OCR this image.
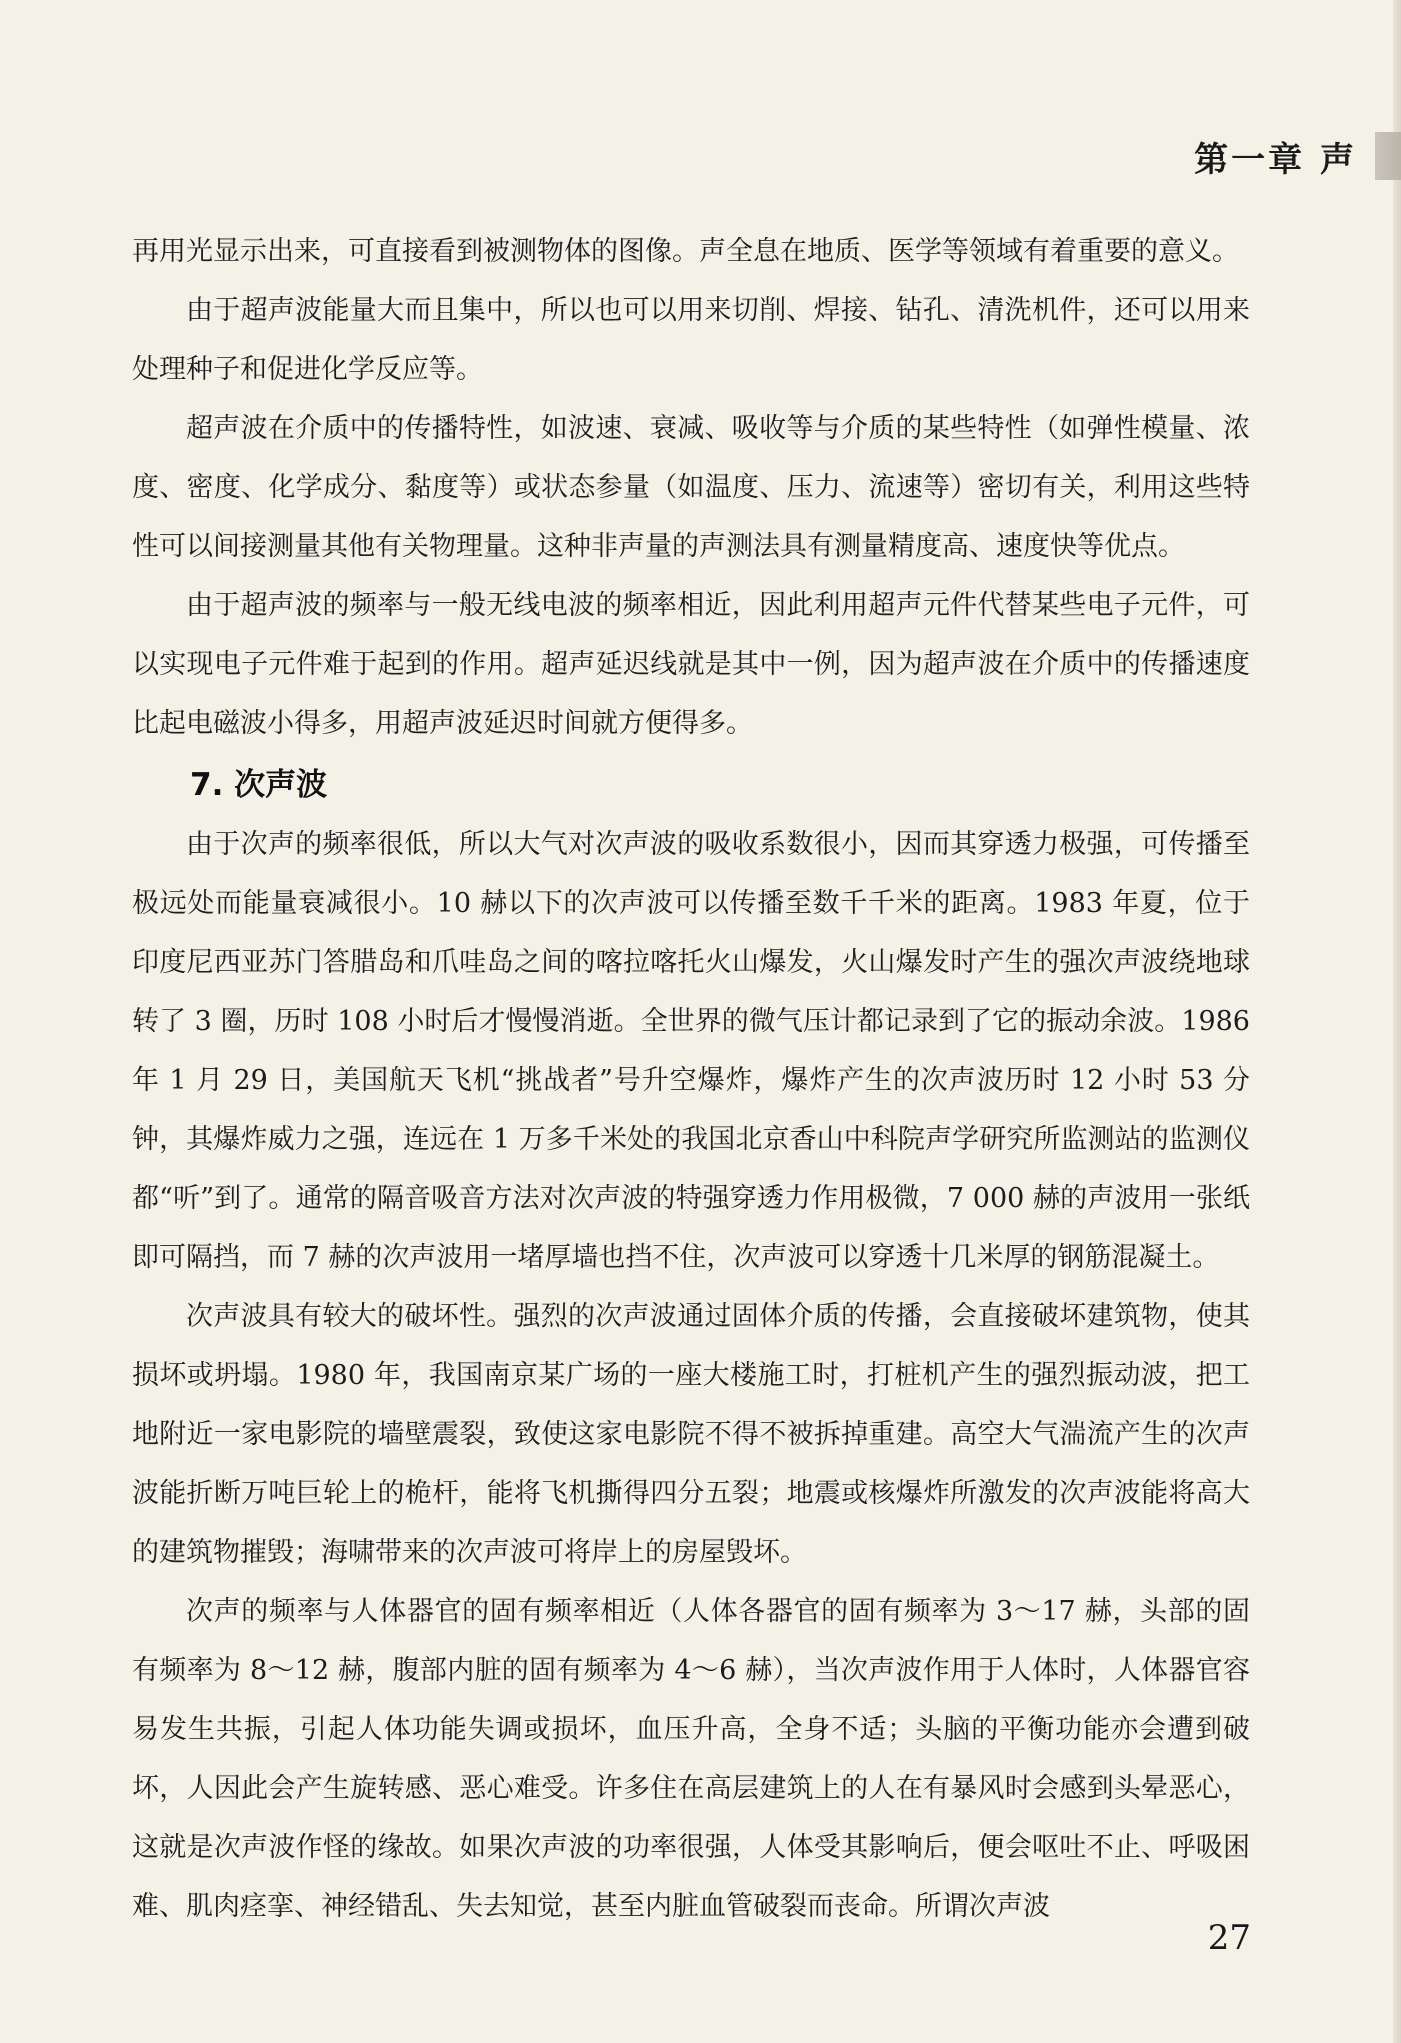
第一章 声

再用光显示出来，可直接看到被测物体的图像。声全息在地质、医学等领域有着重要的意义。

由于超声波能量大而且集中，所以也可以用来切削、焊接、钻孔、清洗机件，还可以用来处理种子和促进化学反应等。

超声波在介质中的传播特性，如波速、衰减、吸收等与介质的某些特性（如弹性模量、浓度、密度、化学成分、黏度等）或状态参量（如温度、压力、流速等）密切有关，利用这些特性可以间接测量其他有关物理量。这种非声量的声测法具有测量精度高、速度快等优点。

由于超声波的频率与一般无线电波的频率相近，因此利用超声元件代替某些电子元件，可以实现电子元件难于起到的作用。超声延迟线就是其中一例，因为超声波在介质中的传播速度比起电磁波小得多，用超声波延迟时间就方便得多。

7. 次声波

由于次声的频率很低，所以大气对次声波的吸收系数很小，因而其穿透力极强，可传播至极远处而能量衰减很小。10 赫以下的次声波可以传播至数千千米的距离。1983 年夏，位于印度尼西亚苏门答腊岛和爪哇岛之间的喀拉喀托火山爆发，火山爆发时产生的强次声波绕地球转了 3 圈，历时 108 小时后才慢慢消逝。全世界的微气压计都记录到了它的振动余波。1986 年 1 月 29 日，美国航天飞机“挑战者”号升空爆炸，爆炸产生的次声波历时 12 小时 53 分钟，其爆炸威力之强，连远在 1 万多千米处的我国北京香山中科院声学研究所监测站的监测仪都“听”到了。通常的隔音吸音方法对次声波的特强穿透力作用极微，7 000 赫的声波用一张纸即可隔挡，而 7 赫的次声波用一堵厚墙也挡不住，次声波可以穿透十几米厚的钢筋混凝土。

次声波具有较大的破坏性。强烈的次声波通过固体介质的传播，会直接破坏建筑物，使其损坏或坍塌。1980 年，我国南京某广场的一座大楼施工时，打桩机产生的强烈振动波，把工地附近一家电影院的墙壁震裂，致使这家电影院不得不被拆掉重建。高空大气湍流产生的次声波能折断万吨巨轮上的桅杆，能将飞机撕得四分五裂；地震或核爆炸所激发的次声波能将高大的建筑物摧毁；海啸带来的次声波可将岸上的房屋毁坏。

次声的频率与人体器官的固有频率相近（人体各器官的固有频率为 3～17 赫，头部的固有频率为 8～12 赫，腹部内脏的固有频率为 4～6 赫），当次声波作用于人体时，人体器官容易发生共振，引起人体功能失调或损坏，血压升高，全身不适；头脑的平衡功能亦会遭到破坏，人因此会产生旋转感、恶心难受。许多住在高层建筑上的人在有暴风时会感到头晕恶心，这就是次声波作怪的缘故。如果次声波的功率很强，人体受其影响后，便会呕吐不止、呼吸困难、肌肉痉挛、神经错乱、失去知觉，甚至内脏血管破裂而丧命。所谓次声波

27
